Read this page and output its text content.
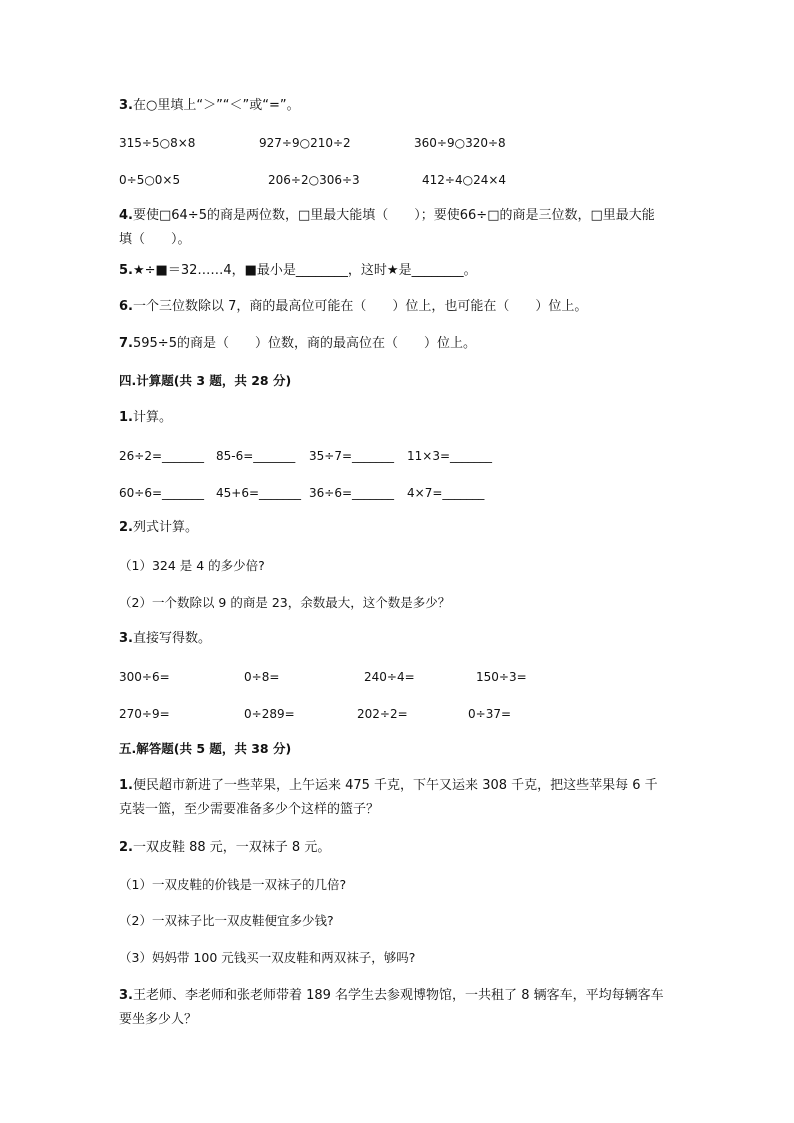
3.在○里填上“＞”“＜”或“=”。
315÷5○8×8	927÷9○210÷2	360÷9○320÷8
0÷5○0×5	206÷2○306÷3	412÷4○24×4
4.要使□64÷5的商是两位数，□里最大能填（　　）；要使66÷□的商是三位数，□里最大能填（　　）。
5.★÷■＝32……4，■最小是________，这时★是________。
6.一个三位数除以 7，商的最高位可能在（　　）位上，也可能在（　　）位上。
7.595÷5的商是（　　）位数，商的最高位在（　　）位上。
四.计算题(共 3 题，共 28 分)
1.计算。
26÷2=_______ 85-6=_______ 35÷7=_______ 11×3=_______
60÷6=_______ 45+6=_______ 36÷6=_______ 4×7=_______
2.列式计算。
（1）324 是 4 的多少倍?
（2）一个数除以 9 的商是 23，余数最大，这个数是多少？
3.直接写得数。
300÷6=	0÷8=	240÷4=	150÷3=
270÷9=	0÷289=	202÷2=	0÷37=
五.解答题(共 5 题，共 38 分)
1.便民超市新进了一些苹果，上午运来 475 千克，下午又运来 308 千克，把这些苹果每 6 千克装一篮，至少需要准备多少个这样的篮子？
2.一双皮鞋 88 元，一双袜子 8 元。
（1）一双皮鞋的价钱是一双袜子的几倍?
（2）一双袜子比一双皮鞋便宜多少钱?
（3）妈妈带 100 元钱买一双皮鞋和两双袜子，够吗?
3.王老师、李老师和张老师带着 189 名学生去参观博物馆，一共租了 8 辆客车，平均每辆客车要坐多少人？
